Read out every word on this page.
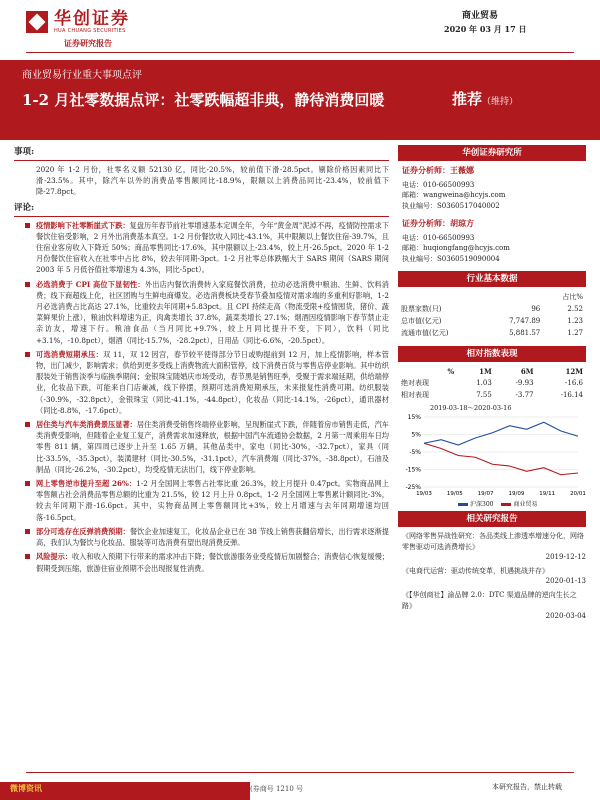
华创证券
HUA CHUANG SECURITIES
证券研究报告
商业贸易
2020 年 03 月 17 日
商业贸易行业重大事项点评
1-2 月社零数据点评：社零跌幅超非典，静待消费回暖	推荐（维持）
事项:
2020 年 1-2 月份，社零名义额 52130 亿，同比-20.5%，较前值下滑-28.5pct。剔除价格因素同比下滑-23.5%。其中，除汽车以外的消费品零售额同比-18.9%，限额以上消费品同比-23.4%，较前值下降-27.8pct。
评论:
疫情影响下社零断崖式下跌：复盘历年春节前社零增速基本定调全年，今年“黄金周”泥淖不再，疫情防控需求下餐饮住宿受影响，2 月外出消费基本真空。1-2 月份餐饮收入同比-43.1%，其中限额以上餐饮住宿-39.7%，且住宿业客房收入下降近 50%；商品零售同比-17.6%，其中限额以上-23.4%，较上月-26.5pct。2020 年 1-2 月份餐饮住宿收入在社零中占比 8%，较去年同期-3pct。1-2 月社零总体跌幅大于 SARS 期间（SARS 期间 2003 年 5 月低谷值社零增速为 4.3%，同比-5pct）。
必选消费于 CPI 高位下显韧性：外出店内餐饮消费转入家庭餐饮消费，拉动必选消费中粮油、生鲜、饮料消费；线下商超线上化，社区团购与生鲜电商爆发。必选消费板块受春节叠加疫情对需求端的多重利好影响，1-2 月必选消费占比高达 27.1%，比重较去年同期+5.83pct。且 CPI 持续走高（物流受限+疫情囤货，猪价、蔬菜鲜果价上涨），粮油饮料增速为正，肉禽类增长 37.8%，蔬菜类增长 27.1%；烟酒因疫情影响下春节禁止走亲访友，增速下行。粮油食品（当月同比+9.7%，较上月同比提升不变，下同），饮料（同比+3.1%，-10.8pct），烟酒（同比-15.7%，-28.2pct），日用品（同比-6.6%，-20.5pct）。
可选消费短期承压：双 11，双 12 因宫，春节较平使得部分节日或购提前到 12 月，加上疫情影响，样本管物，出门减少，影响需求；供给到更多受线上消费物流大面积管停，线下消费百货与零售店停业影响。其中纺织服装处于销售淡季与临换季期间；金银珠宝随婚庆市场受动，春节黑是销售旺季，受聚于需求端延期，供给端停业，化妆品下跌，可能来自门店兼减，线下停摆，预期可选消费短期承压，未来报复性消费可期。纺织服装（-30.9%，-32.8pct），金银珠宝（同比-41.1%，-44.8pct），化妆品（同比-14.1%，-26pct），通讯器材（同比-8.8%，-17.6pct）。
居住类与汽车类消费景压显著：居住类消费受销售终端停业影响，呈现断崖式下跌，伴随着房市销售走低，汽车类消费受影响，但随着企业复工复产，消费需求加速释放，根据中国汽车流通协会数据，2 月第一周乘用车日均零售 811 辆，第四周已逐步上升至 1.65 万辆，其他品类中，家电（同比-30%，-32.7pct），家具（同比-33.5%，-35.3pct），装潢建材（同比-30.5%，-31.1pct），汽车消费端（同比-37%，-38.8pct），石油及制品（同比-26.2%，-30.2pct），均受疫情无法出门，线下停业影响。
网上零售逆市提升至超 26%：1-2 月全国网上零售占社零比重 26.3%，较上月提升 0.47pct。实物商品网上零售额占社会消费品零售总额的比重为 21.5%，较 12 月上升 0.8pct。1-2 月全国网上零售累计额同比-3%，较去年同期下滑-16.6pct。其中，实物商品网上零售额同比+3%，较上月增速与去年同期增速均回落-16.5pct。
部分可选存在反弹消费预期：餐饮企业加速复工，化妆品企业已在 38 节线上销售获翻倍增长，出行需求逐渐提高，我们认为餐饮与化妆品、服装等可选消费有望出现消费反弹。
风险提示：收入和收入预期下行带来的需求冲击下降；餐饮旅游服务业受疫情后加剧整合；消费信心恢复缓慢；假期受到压缩，旅游住宿业预期不会出现报复性消费。
华创证券研究所
证券分析师：王薇娜
电话：010-66500993
邮箱：wangweina@hcyjs.com
执业编号：S0360517040002
证券分析师：胡琼方
电话：010-66500993
邮箱：huqiongfang@hcyjs.com
执业编号：S0360519090004
行业基本数据
		占比%
股票家数(只)	96	2.52
总市值(亿元)	7,747.89	1.23
流通市值(亿元)	5,881.57	1.27
相对指数表现
%	1M	6M	12M
绝对表现	1.03	-9.93	-16.6
相对表现	7.55	-3.77	-16.14
2019-03-18～2020-03-16
15%
5%
-5%
-15%
-25%
19/03	19/05	19/07	19/09	19/11	20/01
沪深300	商业贸易
相关研究报告
《网络零售异战性研究：各品类线上渗透率增速分化，网络零售驱动可选消费增长》
2019-12-12
《电商代运营：驱动传统变革，机遇挑战并存》
2020-01-13
《【华创商社】渝品牌 2.0：DTC 渠道品牌的逆向生长之路》
2020-03-04
微博资讯	(券商号 1210 号	本研究报告，禁止转载
